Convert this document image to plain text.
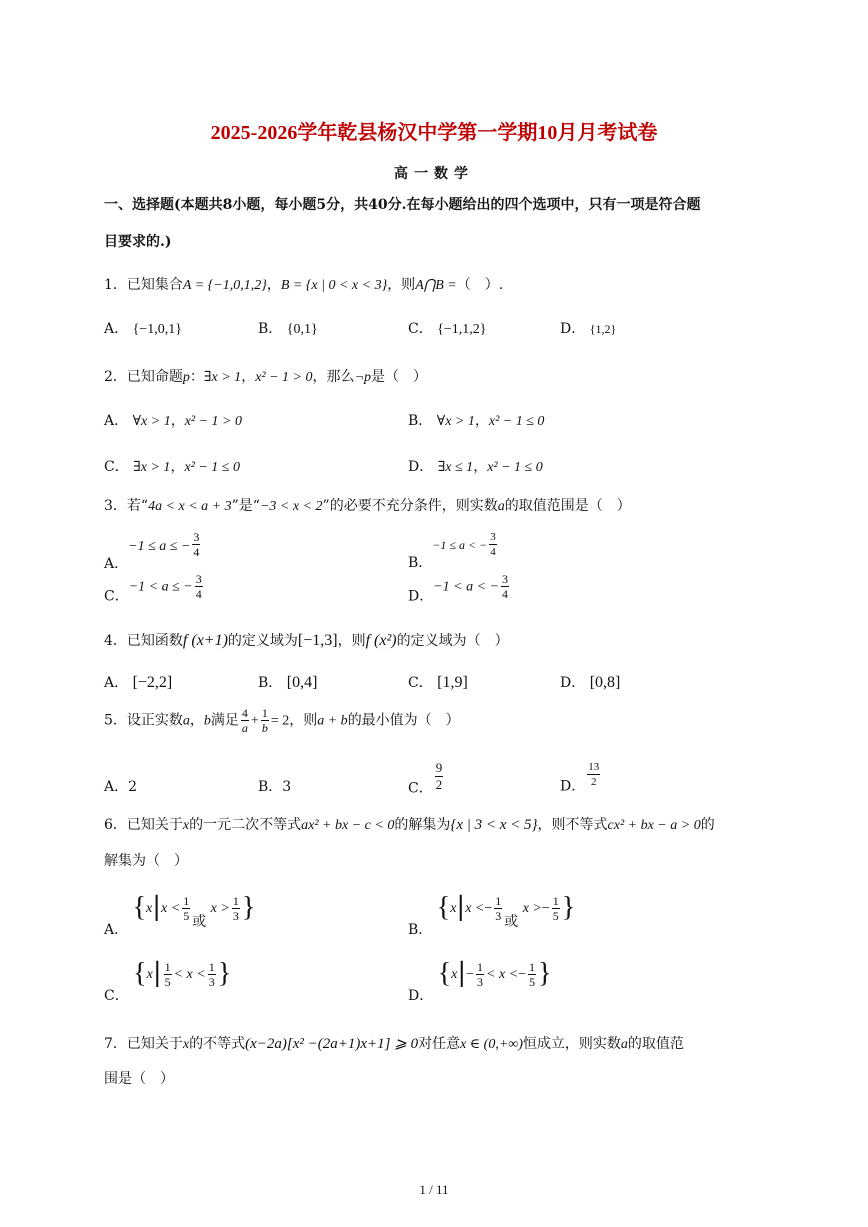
2025-2026学年乾县杨汉中学第一学期10月月考试卷
高一数学
一、选择题(本题共8小题，每小题5分，共40分.在每小题给出的四个选项中，只有一项是符合题
目要求的.)
1．已知集合A = {−1,0,1,2}，B = {x | 0 < x < 3}，则A⋂B =（　）.
A． {−1,0,1}	B． {0,1}	C． {−1,1,2}	D． {1,2}
2．已知命题p：∃x > 1，x² − 1 > 0，那么¬p是（　）
A． ∀x > 1，x² − 1 > 0	B． ∀x > 1，x² − 1 ≤ 0
C． ∃x > 1，x² − 1 ≤ 0	D． ∃x ≤ 1，x² − 1 ≤ 0
3．若“4a < x < a + 3”是“−3 < x < 2”的必要不充分条件，则实数a的取值范围是（　）
A．−1 ≤ a ≤ − $\frac{3}{4}$
B．−1 ≤ a < − $\frac{3}{4}$
C．−1 < a ≤ − $\frac{3}{4}$	D．−1 < a < − $\frac{3}{4}$
4．已知函数f (x+1)的定义域为[−1,3]，则f (x²)的定义域为（　）
A． [−2,2]	B． [0,4]	C． [1,9]	D． [0,8]
5．设正实数a，b满足 $\frac{4}{a} + \frac{1}{b} = 2$，则a + b的最小值为（　）
A．2	B．3	C． $\frac{9}{2}$	D． $\frac{13}{2}$
6．已知关于x的一元二次不等式ax² + bx − c < 0的解集为{x | 3 < x < 5}，则不等式cx² + bx − a > 0的
解集为（　）
A． {$x|x < \frac{1}{5}$ 或 $x > \frac{1}{3}$ }
B． {$x|x <- \frac{1}{3}$ 或 $x >- \frac{1}{5}$ }
C． {$x| \frac{1}{5} < x < \frac{1}{3}$ }
D． {$x|- \frac{1}{3} < x <- \frac{1}{5}$ }
7．已知关于x的不等式(x−2a)[x² −(2a+1)x+1] ⩾ 0对任意x ∈ (0,+∞)恒成立，则实数a的取值范
围是（　）
1 / 11
